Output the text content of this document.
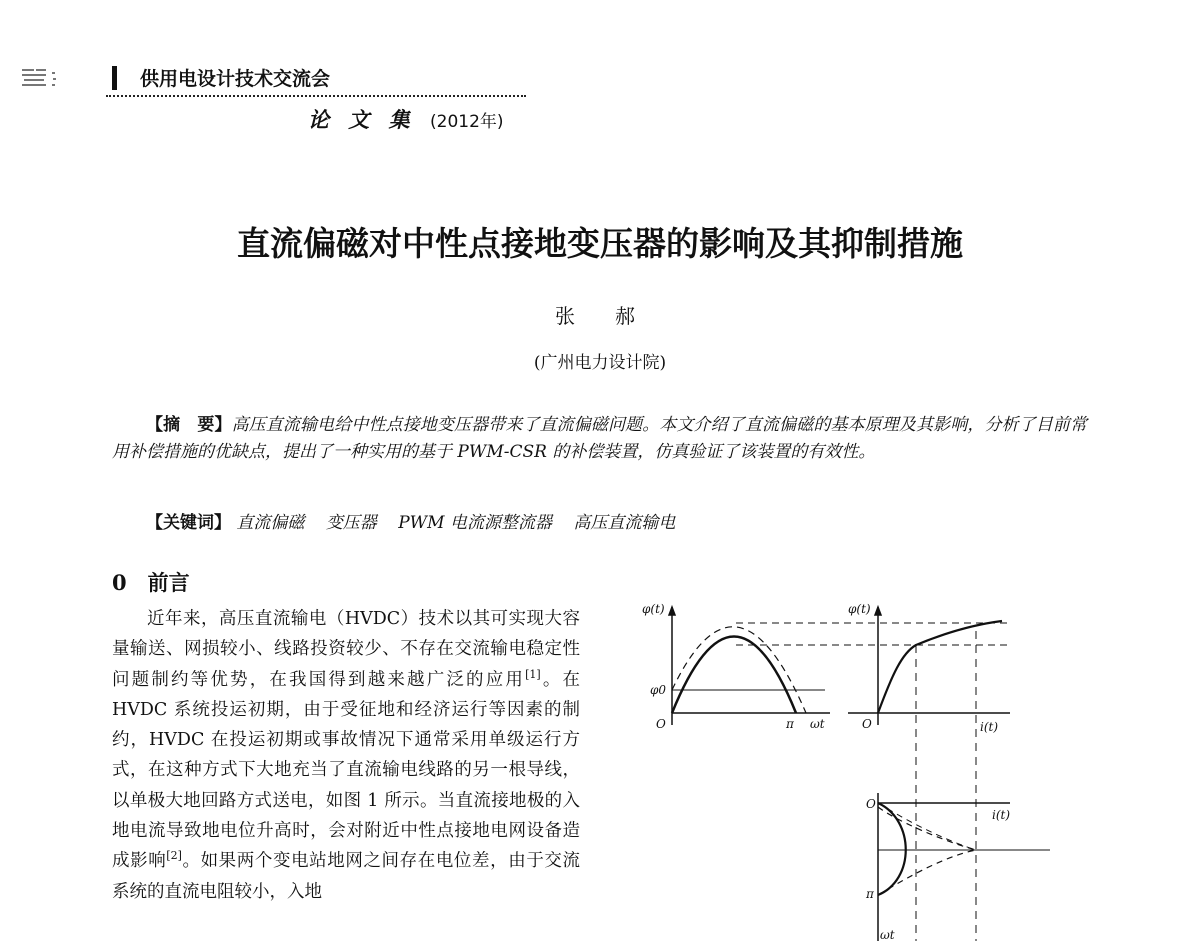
供用电设计技术交流会
论 文 集 (2012年)
直流偏磁对中性点接地变压器的影响及其抑制措施
张　郝
(广州电力设计院)
【摘　要】高压直流输电给中性点接地变压器带来了直流偏磁问题。本文介绍了直流偏磁的基本原理及其影响，分析了目前常用补偿措施的优缺点，提出了一种实用的基于 PWM-CSR 的补偿装置，仿真验证了该装置的有效性。
【关键词】 直流偏磁 变压器 PWM 电流源整流器 高压直流输电
0　前言
近年来，高压直流输电（HVDC）技术以其可实现大容量输送、网损较小、线路投资较少、不存在交流输电稳定性问题制约等优势，在我国得到越来越广泛的应用[1]。在 HVDC 系统投运初期，由于受征地和经济运行等因素的制约，HVDC 在投运初期或事故情况下通常采用单级运行方式，在这种方式下大地充当了直流输电线路的另一根导线，以单极大地回路方式送电，如图 1 所示。当直流接地极的入地电流导致地电位升高时，会对附近中性点接地电网设备造成影响[2]。如果两个变电站地网之间存在电位差，由于交流系统的直流电阻较小，入地
φ(t)
φ0
O	π ωt
φ(t)
O	i(t)
O
i(t)
π
ωt
